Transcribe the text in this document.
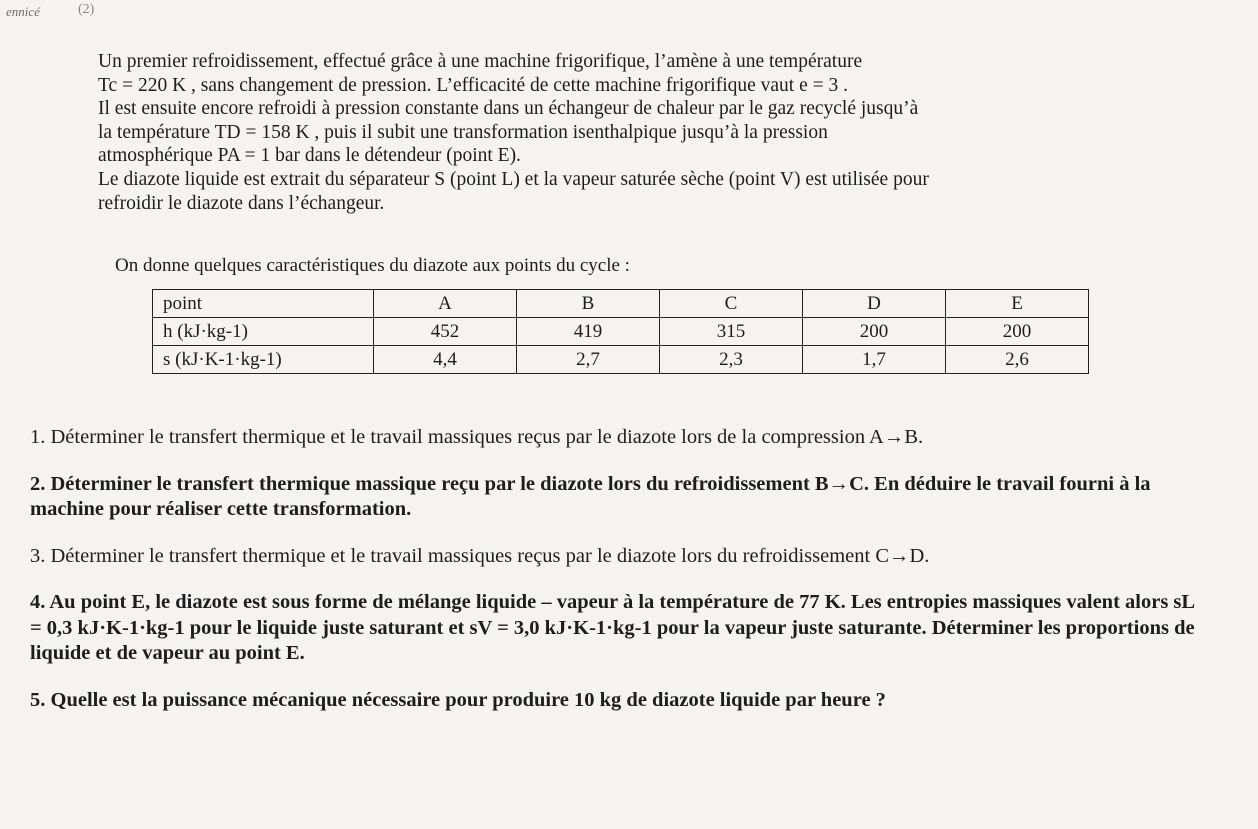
ennicé	(2)

Un premier refroidissement, effectué grâce à une machine frigorifique, l’amène à une température

Tc = 220 K , sans changement de pression. L’efficacité de cette machine frigorifique vaut e = 3 .

Il est ensuite encore refroidi à pression constante dans un échangeur de chaleur par le gaz recyclé jusqu’à

la température TD = 158 K , puis il subit une transformation isenthalpique jusqu’à la pression

atmosphérique PA = 1 bar dans le détendeur (point E).

Le diazote liquide est extrait du séparateur S (point L) et la vapeur saturée sèche (point V) est utilisée pour

refroidir le diazote dans l’échangeur.

On donne quelques caractéristiques du diazote aux points du cycle :
point	A	B	C	D	E
h (kJ·kg-1)	452	419	315	200	200
s (kJ·K-1·kg-1)	4,4	2,7	2,3	1,7	2,6

1. Déterminer le transfert thermique et le travail massiques reçus par le diazote lors de la compression A→B.

2. Déterminer le transfert thermique massique reçu par le diazote lors du refroidissement B→C. En déduire le travail fourni à la machine pour réaliser cette transformation.

3. Déterminer le transfert thermique et le travail massiques reçus par le diazote lors du refroidissement C→D.

4. Au point E, le diazote est sous forme de mélange liquide – vapeur à la température de 77 K. Les entropies massiques valent alors sL = 0,3 kJ·K-1·kg-1 pour le liquide juste saturant et sV = 3,0 kJ·K-1·kg-1 pour la vapeur juste saturante. Déterminer les proportions de liquide et de vapeur au point E.

5. Quelle est la puissance mécanique nécessaire pour produire 10 kg de diazote liquide par heure ?
